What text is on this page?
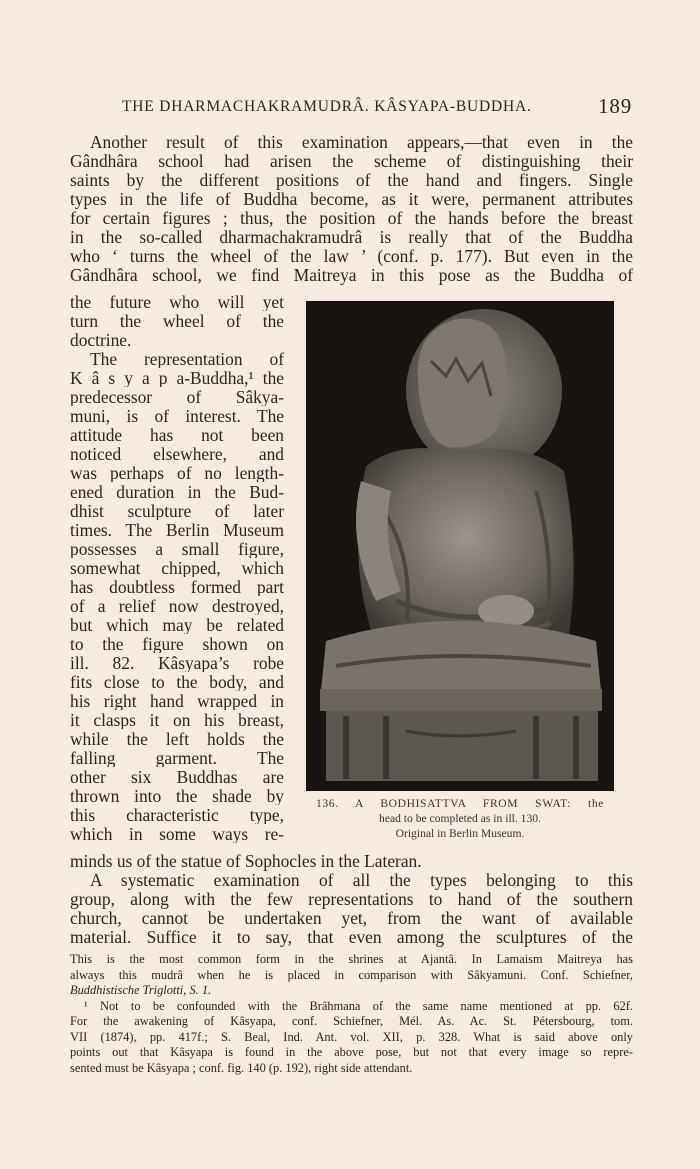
THE DHARMACHAKRAMUDRÂ. KÂSYAPA-BUDDHA.	189
Another result of this examination appears,—that even in the
Gândhâra school had arisen the scheme of distinguishing their
saints by the different positions of the hand and fingers. Single
types in the life of Buddha become, as it were, permanent attributes
for certain figures ; thus, the position of the hands before the breast
in the so-called dharmachakramudrâ is really that of the Buddha
who ‘ turns the wheel of the law ’ (conf. p. 177). But even in the
Gândhâra school, we find Maitreya in this pose as the Buddha of
the future who will yet
turn the wheel of the
doctrine.
The representation of
K â s y a p a-Buddha,¹ the
predecessor of Sâkya-
muni, is of interest. The
attitude has not been
noticed elsewhere, and
was perhaps of no length-
ened duration in the Bud-
dhist sculpture of later
times. The Berlin Museum
possesses a small figure,
somewhat chipped, which
has doubtless formed part
of a relief now destroyed,
but which may be related
to the figure shown on
ill. 82. Kâsyapa’s robe
fits close to the body, and
his right hand wrapped in
it clasps it on his breast,
while the left holds the
falling garment. The
other six Buddhas are
thrown into the shade by
this characteristic type,
which in some ways re-
136. A BODHISATTVA FROM SWAT: the
head to be completed as in ill. 130.
Original in Berlin Museum.
minds us of the statue of Sophocles in the Lateran.
A systematic examination of all the types belonging to this
group, along with the few representations to hand of the southern
church, cannot be undertaken yet, from the want of available
material. Suffice it to say, that even among the sculptures of the
This is the most common form in the shrines at Ajantâ. In Lamaism Maitreya has
always this mudrâ when he is placed in comparison with Sâkyamuni. Conf. Schiefner,
Buddhistische Triglotti, S. 1.
¹ Not to be confounded with the Brâhmana of the same name mentioned at pp. 62f.
For the awakening of Kâsyapa, conf. Schiefner, Mél. As. Ac. St. Pétersbourg, tom.
VII (1874), pp. 417f.; S. Beal, Ind. Ant. vol. XII, p. 328. What is said above only
points out that Kâsyapa is found in the above pose, but not that every image so repre-
sented must be Kâsyapa ; conf. fig. 140 (p. 192), right side attendant.
